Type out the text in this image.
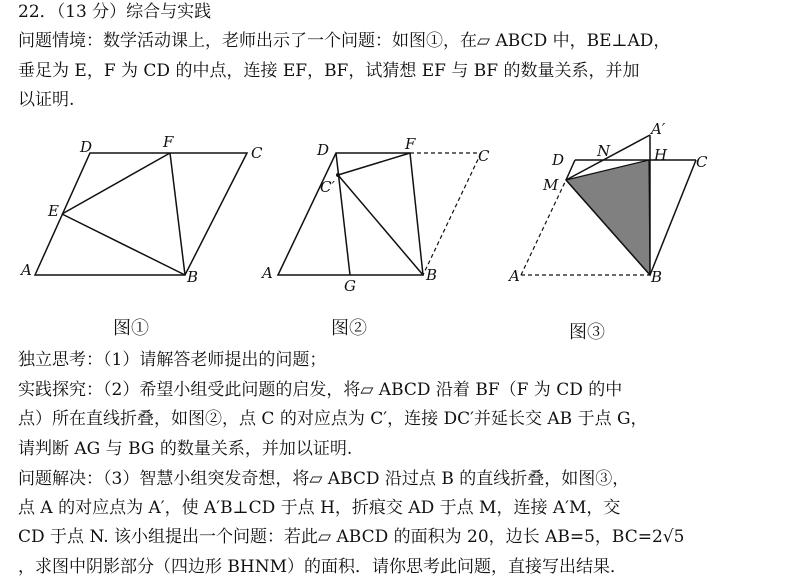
22．（13 分）综合与实践
问题情境：数学活动课上，老师出示了一个问题：如图①，在▱ ABCD 中，BE⊥AD，
垂足为 E，F 为 CD 的中点，连接 EF，BF，试猜想 EF 与 BF 的数量关系，并加
以证明.
D	F
C
E
A	B
D	F
C
C′
A
G
B
A′
N	H
D	C
M
A	B
图①	图②	图③
独立思考：（1）请解答老师提出的问题；
实践探究：（2）希望小组受此问题的启发，将▱ ABCD 沿着 BF（F 为 CD 的中
点）所在直线折叠，如图②，点 C 的对应点为 C′，连接 DC′并延长交 AB 于点 G，
请判断 AG 与 BG 的数量关系，并加以证明.
问题解决：（3）智慧小组突发奇想，将▱ ABCD 沿过点 B 的直线折叠，如图③，
点 A 的对应点为 A′，使 A′B⊥CD 于点 H，折痕交 AD 于点 M，连接 A′M，交
CD 于点 N. 该小组提出一个问题：若此▱ ABCD 的面积为 20，边长 AB=5，BC=2√5
，求图中阴影部分（四边形 BHNM）的面积．请你思考此问题，直接写出结果．
